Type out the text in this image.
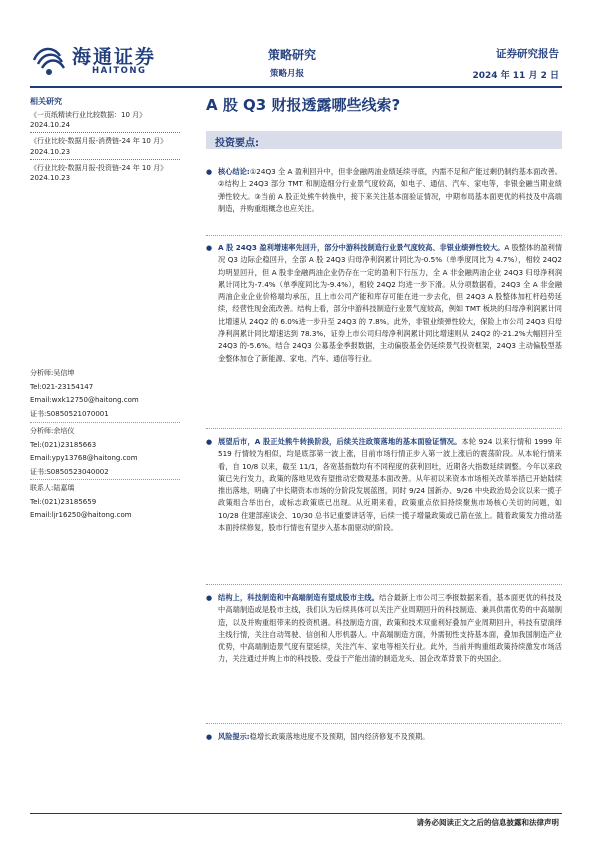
海通证券
HAITONG
策略研究
策略月报
证券研究报告
2024 年 11 月 2 日
相关研究
《一页纸精读行业比较数据：10 月》
2024.10.24
《行业比较-数据月报-消费链-24 年 10 月》
2024.10.23
《行业比较-数据月报-投资链-24 年 10 月》
2024.10.23
分析师:吴信坤
Tel:021-23154147
Email:wxk12750@haitong.com
证书:S0850521070001
分析师:余培仪
Tel:(021)23185663
Email:ypy13768@haitong.com
证书:S0850523040002
联系人:陆嘉瑀
Tel:(021)23185659
Email:ljr16250@haitong.com
A 股 Q3 财报透露哪些线索?
投资要点:
● 核心结论:①24Q3 全 A 盈利回升中，但非金融两油业绩延续寻底，内需不足和产能过剩仍制约基本面改善。②结构上 24Q3 部分 TMT 和制造细分行业景气度较高，如电子、通信、汽车、家电等，非银金融当期业绩弹性较大。③当前 A 股正处熊牛转换中，接下来关注基本面验证情况，中期布局基本面更优的科技及中高端制造，并购重组概念也应关注。
● A 股 24Q3 盈利增速率先回升，部分中游科技制造行业景气度较高、非银业绩弹性较大。A 股整体的盈利情况 Q3 边际企稳回升，全部 A 股 24Q3 归母净利润累计同比为-0.5%（单季度同比为 4.7%），相较 24Q2 均明显回升，但 A 股非金融两油企业仍存在一定的盈利下行压力，全 A 非金融两油企业 24Q3 归母净利润累计同比为-7.4%（单季度同比为-9.4%），相较 24Q2 均进一步下滑。从分项数据看，24Q3 全 A 非金融两油企业企业价格端均承压，且上市公司产能和库存可能在进一步去化，但 24Q3 A 股整体加杠杆趋势延续，经营性现金流改善。结构上看，部分中游科技制造行业景气度较高，例如 TMT 板块的归母净利润累计同比增速从 24Q2 的 6.0%进一步升至 24Q3 的 7.8%。此外，非银业绩弹性较大，保险上市公司 24Q3 归母净利润累计同比增速达到 78.3%，证券上市公司归母净利润累计同比增速则从 24Q2 的-21.2%大幅回升至 24Q3 的-5.6%。结合 24Q3 公募基金季报数据，主动偏股基金仍延续景气投资框架，24Q3 主动偏股型基金整体加仓了新能源、家电、汽车、通信等行业。
● 展望后市，A 股正处熊牛转换阶段，后续关注政策落地的基本面验证情况。本轮 924 以来行情和 1999 年 519 行情较为相似，均是底部第一波上涨，目前市场行情正步入第一波上涨后的震荡阶段。从本轮行情来看，自 10/8 以来，截至 11/1，各宽基指数均有不同程度的获利回吐，近期各大指数延续调整。今年以来政策已先行发力，政策的落地见效有望推动宏微观基本面改善。从年初以来资本市场相关改革举措已开始陆续推出落地，明确了中长期资本市场的分阶段发展蓝图，同时 9/24 国新办、9/26 中央政治局会议以来一揽子政策组合举出台，或标志政策底已出现。从近期来看，政策重点依旧持续聚焦市场核心关切的问题，如 10/28 住建部座谈会、10/30 总书记重要讲话等，后续一揽子增量政策或已箭在弦上。随着政策发力推动基本面持续修复，股市行情也有望步入基本面驱动的阶段。
● 结构上，科技制造和中高端制造有望成股市主线。结合最新上市公司三季报数据来看，基本面更优的科技及中高端制造或是股市主线，我们认为后续具体可以关注产业周期回升的科技制造、兼具供需优势的中高端制造，以及并购重组带来的投资机遇。科技制造方面，政策和技术双重利好叠加产业周期回升，科技有望演绎主线行情，关注自动驾驶、信创和人形机器人。中高端制造方面，外需韧性支持基本面，叠加我国制造产业优势，中高端制造景气度有望延续，关注汽车、家电等相关行业。此外，当前并购重组政策持续激发市场活力，关注通过并购上市的科技股、受益于产能出清的制造龙头、国企改革背景下的央国企。
● 风险提示:稳增长政策落地进度不及预期，国内经济修复不及预期。
请务必阅读正文之后的信息披露和法律声明
